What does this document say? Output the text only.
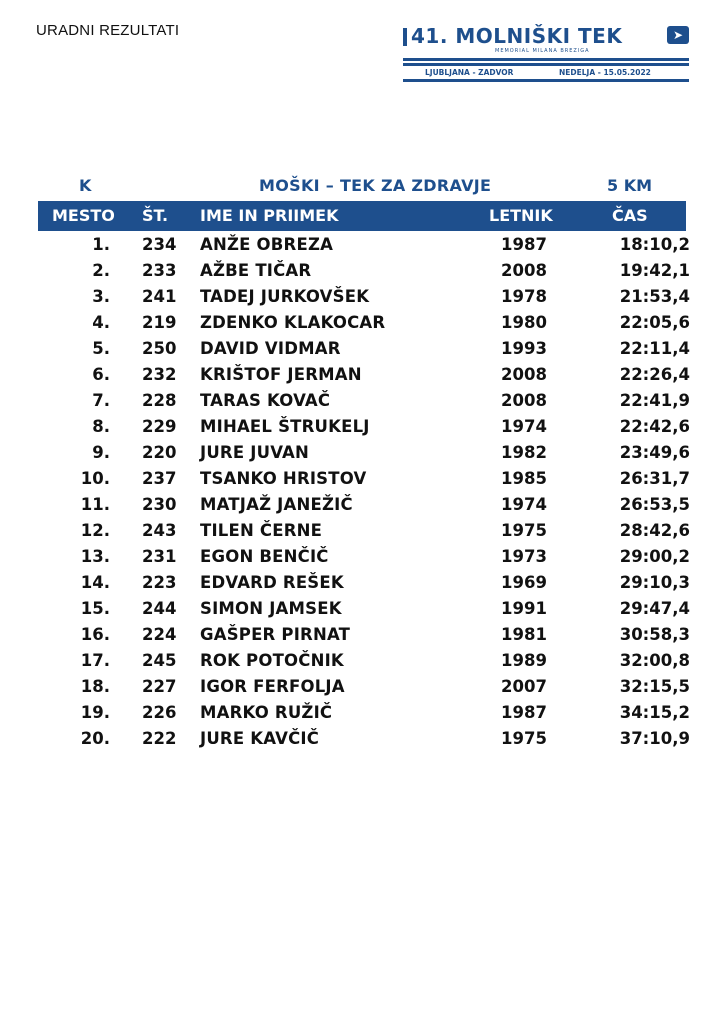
URADNI REZULTATI	41. MOLNIŠKI TEK	➤
MEMORIAL MILANA BREZIGA
LJUBLJANA - ZADVOR	NEDELJA - 15.05.2022
K	MOŠKI – TEK ZA ZDRAVJE	5 KM
MESTO ŠT. IME IN PRIIMEK	LETNIK	ČAS
1. 234 ANŽE OBREZA	1987	18:10,2
2. 233 AŽBE TIČAR	2008	19:42,1
3. 241 TADEJ JURKOVŠEK	1978	21:53,4
4. 219 ZDENKO KLAKOCAR	1980	22:05,6
5. 250 DAVID VIDMAR	1993	22:11,4
6. 232 KRIŠTOF JERMAN	2008	22:26,4
7. 228 TARAS KOVAČ	2008	22:41,9
8. 229 MIHAEL ŠTRUKELJ	1974	22:42,6
9. 220 JURE JUVAN	1982	23:49,6
10. 237 TSANKO HRISTOV	1985	26:31,7
11. 230 MATJAŽ JANEŽIČ	1974	26:53,5
12. 243 TILEN ČERNE	1975	28:42,6
13. 231 EGON BENČIČ	1973	29:00,2
14. 223 EDVARD REŠEK	1969	29:10,3
15. 244 SIMON JAMSEK	1991	29:47,4
16. 224 GAŠPER PIRNAT	1981	30:58,3
17. 245 ROK POTOČNIK	1989	32:00,8
18. 227 IGOR FERFOLJA	2007	32:15,5
19. 226 MARKO RUŽIČ	1987	34:15,2
20. 222 JURE KAVČIČ	1975	37:10,9
